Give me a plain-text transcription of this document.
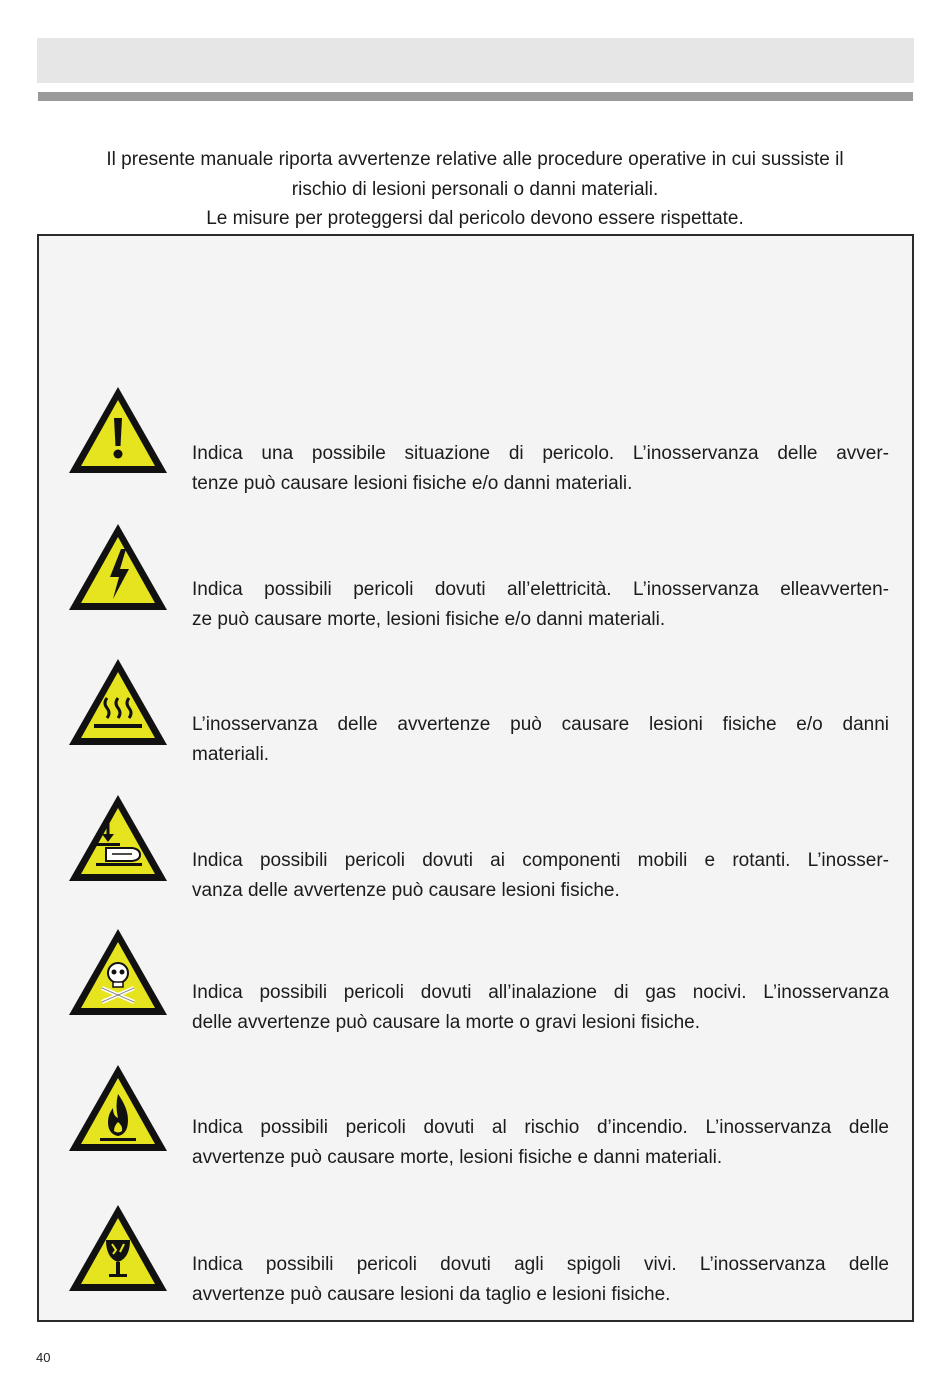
Il presente manuale riporta avvertenze relative alle procedure operative in cui sussiste il

rischio di lesioni personali o danni materiali.

Le misure per proteggersi dal pericolo devono essere rispettate.

Indica una possibile situazione di pericolo. L’inosservanza delle avver-
tenze può causare lesioni fisiche e/o danni materiali.
Indica possibili pericoli dovuti all’elettricità. L’inosservanza elleavverten-
ze può causare morte, lesioni fisiche e/o danni materiali.
L’inosservanza delle avvertenze può causare lesioni fisiche e/o danni
materiali.
Indica possibili pericoli dovuti ai componenti mobili e rotanti. L’inosser-
vanza delle avvertenze può causare lesioni fisiche.
Indica possibili pericoli dovuti all’inalazione di gas nocivi. L’inosservanza
delle avvertenze può causare la morte o gravi lesioni fisiche.
Indica possibili pericoli dovuti al rischio d’incendio. L’inosservanza delle
avvertenze può causare morte, lesioni fisiche e danni materiali.
Indica possibili pericoli dovuti agli spigoli vivi. L’inosservanza delle
avvertenze può causare lesioni da taglio e lesioni fisiche.
40
